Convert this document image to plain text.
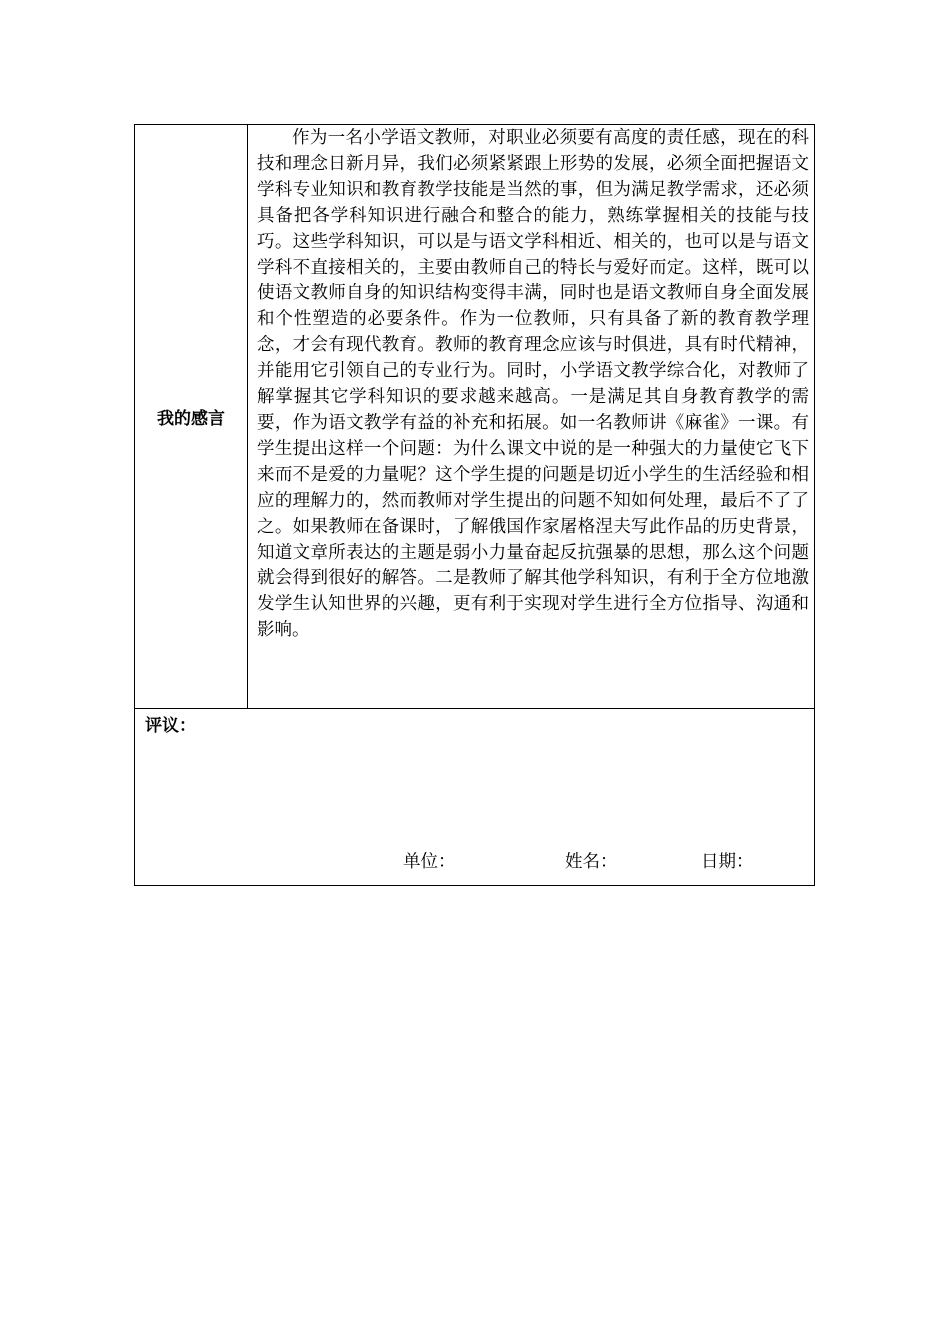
我的感言

作为一名小学语文教师，对职业必须要有高度的责任感，现在的科技和理念日新月异，我们必须紧紧跟上形势的发展，必须全面把握语文学科专业知识和教育教学技能是当然的事，但为满足教学需求，还必须具备把各学科知识进行融合和整合的能力，熟练掌握相关的技能与技巧。这些学科知识，可以是与语文学科相近、相关的，也可以是与语文学科不直接相关的，主要由教师自己的特长与爱好而定。这样，既可以使语文教师自身的知识结构变得丰满，同时也是语文教师自身全面发展和个性塑造的必要条件。作为一位教师，只有具备了新的教育教学理念，才会有现代教育。教师的教育理念应该与时俱进，具有时代精神，并能用它引领自己的专业行为。同时，小学语文教学综合化，对教师了解掌握其它学科知识的要求越来越高。一是满足其自身教育教学的需要，作为语文教学有益的补充和拓展。如一名教师讲《麻雀》一课。有学生提出这样一个问题：为什么课文中说的是一种强大的力量使它飞下来而不是爱的力量呢？这个学生提的问题是切近小学生的生活经验和相应的理解力的，然而教师对学生提出的问题不知如何处理，最后不了了之。如果教师在备课时，了解俄国作家屠格涅夫写此作品的历史背景，知道文章所表达的主题是弱小力量奋起反抗强暴的思想，那么这个问题就会得到很好的解答。二是教师了解其他学科知识，有利于全方位地激发学生认知世界的兴趣，更有利于实现对学生进行全方位指导、沟通和影响。

评议：
单位：	姓名：	日期：
